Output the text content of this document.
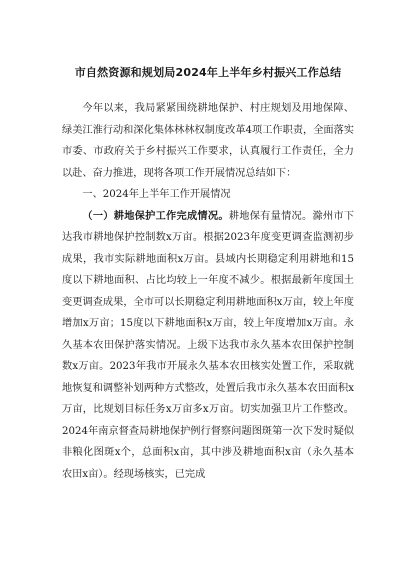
市自然资源和规划局2024年上半年乡村振兴工作总结

今年以来，我局紧紧围绕耕地保护、村庄规划及用地保障、绿美江淮行动和深化集体林林权制度改革4项工作职责，全面落实市委、市政府关于乡村振兴工作要求，认真履行工作责任，全力以赴、奋力推进，现将各项工作开展情况总结如下：

一、2024年上半年工作开展情况

（一）耕地保护工作完成情况。耕地保有量情况。滁州市下达我市耕地保护控制数x万亩。根据2023年度变更调查监测初步成果，我市实际耕地面积x万亩。县域内长期稳定利用耕地和15度以下耕地面积、占比均较上一年度不减少。根据最新年度国土变更调查成果，全市可以长期稳定利用耕地面积x万亩，较上年度增加x万亩；15度以下耕地面积x万亩，较上年度增加x万亩。永久基本农田保护落实情况。上级下达我市永久基本农田保护控制数x万亩。2023年我市开展永久基本农田核实处置工作，采取就地恢复和调整补划两种方式整改，处置后我市永久基本农田面积x万亩，比规划目标任务x万亩多x万亩。切实加强卫片工作整改。2024年南京督查局耕地保护例行督察问题图斑第一次下发时疑似非粮化图斑x个，总面积x亩，其中涉及耕地面积x亩（永久基本农田x亩）。经现场核实，已完成
